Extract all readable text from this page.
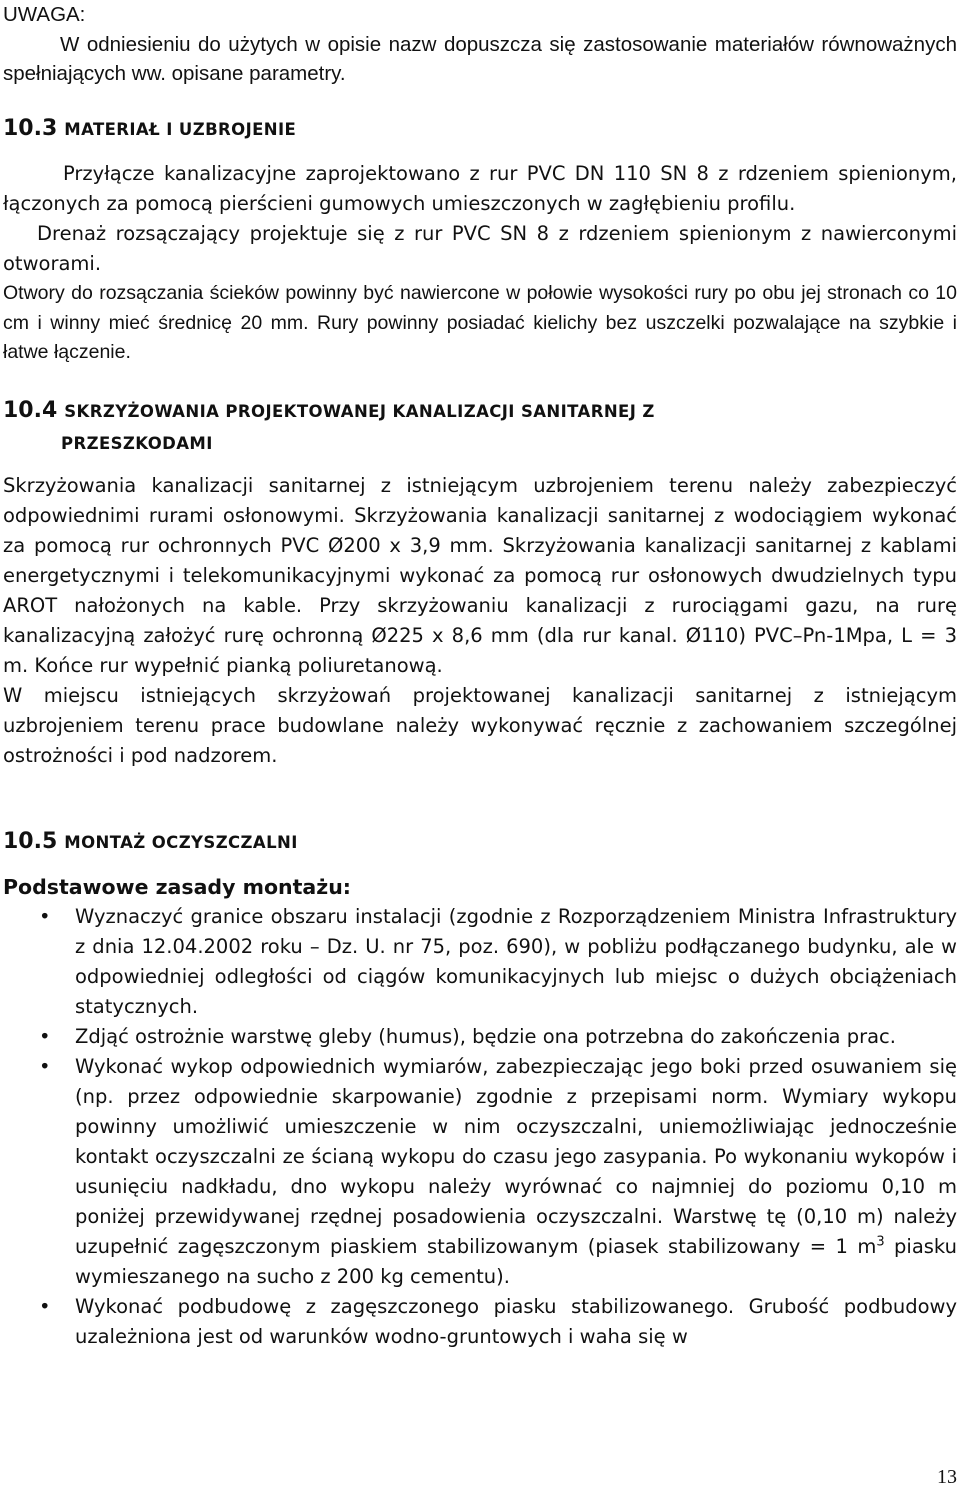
UWAGA:

W odniesieniu do użytych w opisie nazw dopuszcza się zastosowanie materiałów równoważnych spełniających ww. opisane parametry.

10.3 MATERIAŁ I UZBROJENIE

Przyłącze kanalizacyjne zaprojektowano z rur PVC DN 110 SN 8 z rdzeniem spienionym, łączonych za pomocą pierścieni gumowych umieszczonych w zagłębieniu profilu.

Drenaż rozsączający projektuje się z rur PVC SN 8 z rdzeniem spienionym z nawierconymi otworami.

Otwory do rozsączania ścieków powinny być nawiercone w połowie wysokości rury po obu jej stronach co 10 cm i winny mieć średnicę 20 mm. Rury powinny posiadać kielichy bez uszczelki pozwalające na szybkie i łatwe łączenie.

10.4 SKRZYŻOWANIA PROJEKTOWANEJ KANALIZACJI SANITARNEJ Z
PRZESZKODAMI

Skrzyżowania kanalizacji sanitarnej z istniejącym uzbrojeniem terenu należy zabezpieczyć odpowiednimi rurami osłonowymi. Skrzyżowania kanalizacji sanitarnej z wodociągiem wykonać za pomocą rur ochronnych PVC Ø200 x 3,9 mm. Skrzyżowania kanalizacji sanitarnej z kablami energetycznymi i telekomunikacyjnymi wykonać za pomocą rur osłonowych dwudzielnych typu AROT nałożonych na kable. Przy skrzyżowaniu kanalizacji z rurociągami gazu, na rurę kanalizacyjną założyć rurę ochronną Ø225 x 8,6 mm (dla rur kanal. Ø110) PVC–Pn-1Mpa, L = 3 m. Końce rur wypełnić pianką poliuretanową.

W miejscu istniejących skrzyżowań projektowanej kanalizacji sanitarnej z istniejącym uzbrojeniem terenu prace budowlane należy wykonywać ręcznie z zachowaniem szczególnej ostrożności i pod nadzorem.

10.5 MONTAŻ OCZYSZCZALNI

Podstawowe zasady montażu:

• Wyznaczyć granice obszaru instalacji (zgodnie z Rozporządzeniem Ministra Infrastruktury z dnia 12.04.2002 roku – Dz. U. nr 75, poz. 690), w pobliżu podłączanego budynku, ale w odpowiedniej odległości od ciągów komunikacyjnych lub miejsc o dużych obciążeniach statycznych.
• Zdjąć ostrożnie warstwę gleby (humus), będzie ona potrzebna do zakończenia prac.
• Wykonać wykop odpowiednich wymiarów, zabezpieczając jego boki przed osuwaniem się (np. przez odpowiednie skarpowanie) zgodnie z przepisami norm. Wymiary wykopu powinny umożliwić umieszczenie w nim oczyszczalni, uniemożliwiając jednocześnie kontakt oczyszczalni ze ścianą wykopu do czasu jego zasypania. Po wykonaniu wykopów i usunięciu nadkładu, dno wykopu należy wyrównać co najmniej do poziomu 0,10 m poniżej przewidywanej rzędnej posadowienia oczyszczalni. Warstwę tę (0,10 m) należy uzupełnić zagęszczonym piaskiem stabilizowanym (piasek stabilizowany = 1 $m^3$ piasku wymieszanego na sucho z 200 kg cementu).
• Wykonać podbudowę z zagęszczonego piasku stabilizowanego. Grubość podbudowy uzależniona jest od warunków wodno-gruntowych i waha się w
13
